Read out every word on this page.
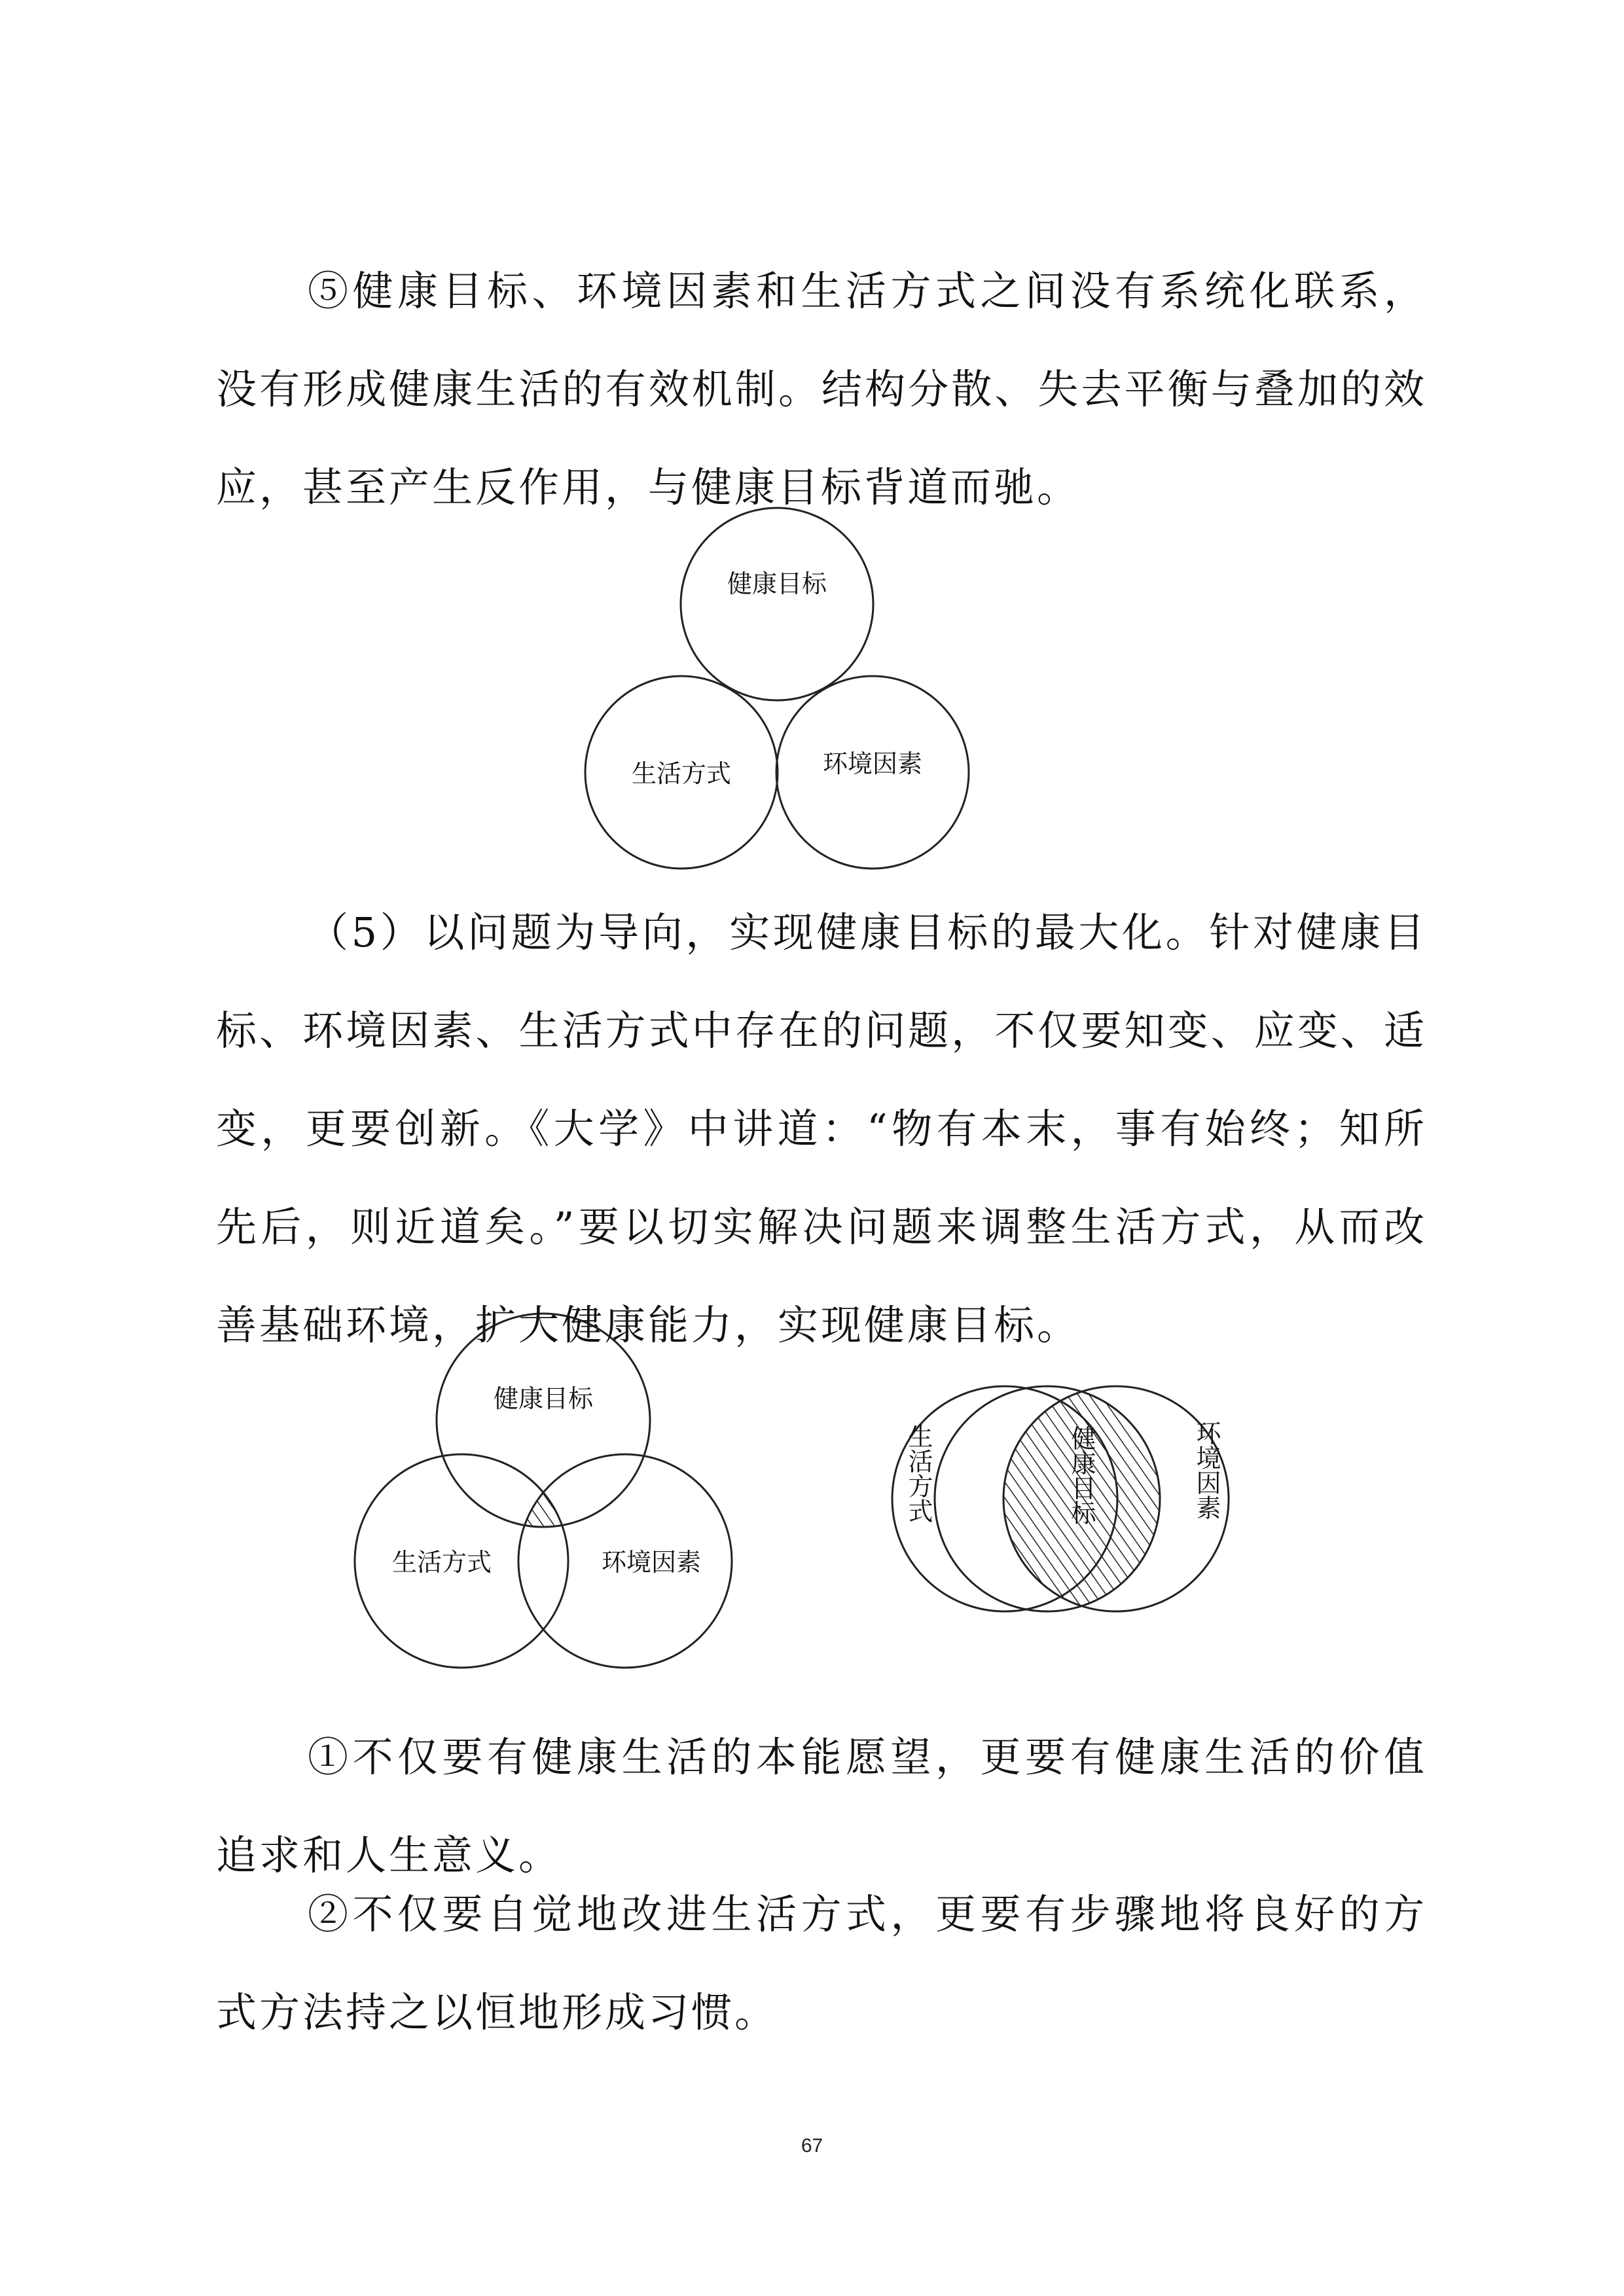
⑤健康目标、环境因素和生活方式之间没有系统化联系，没有形成健康生活的有效机制。结构分散、失去平衡与叠加的效应，甚至产生反作用，与健康目标背道而驰。

健康目标
生活方式	环境因素
健康目标
生活方式	环境因素
生活方式	健康目标	环境因素

（5）以问题为导向，实现健康目标的最大化。针对健康目标、环境因素、生活方式中存在的问题，不仅要知变、应变、适变，更要创新。《大学》中讲道：“物有本末，事有始终；知所先后，则近道矣。”要以切实解决问题来调整生活方式，从而改善基础环境，扩大健康能力，实现健康目标。

①不仅要有健康生活的本能愿望，更要有健康生活的价值追求和人生意义。

②不仅要自觉地改进生活方式，更要有步骤地将良好的方式方法持之以恒地形成习惯。

67
